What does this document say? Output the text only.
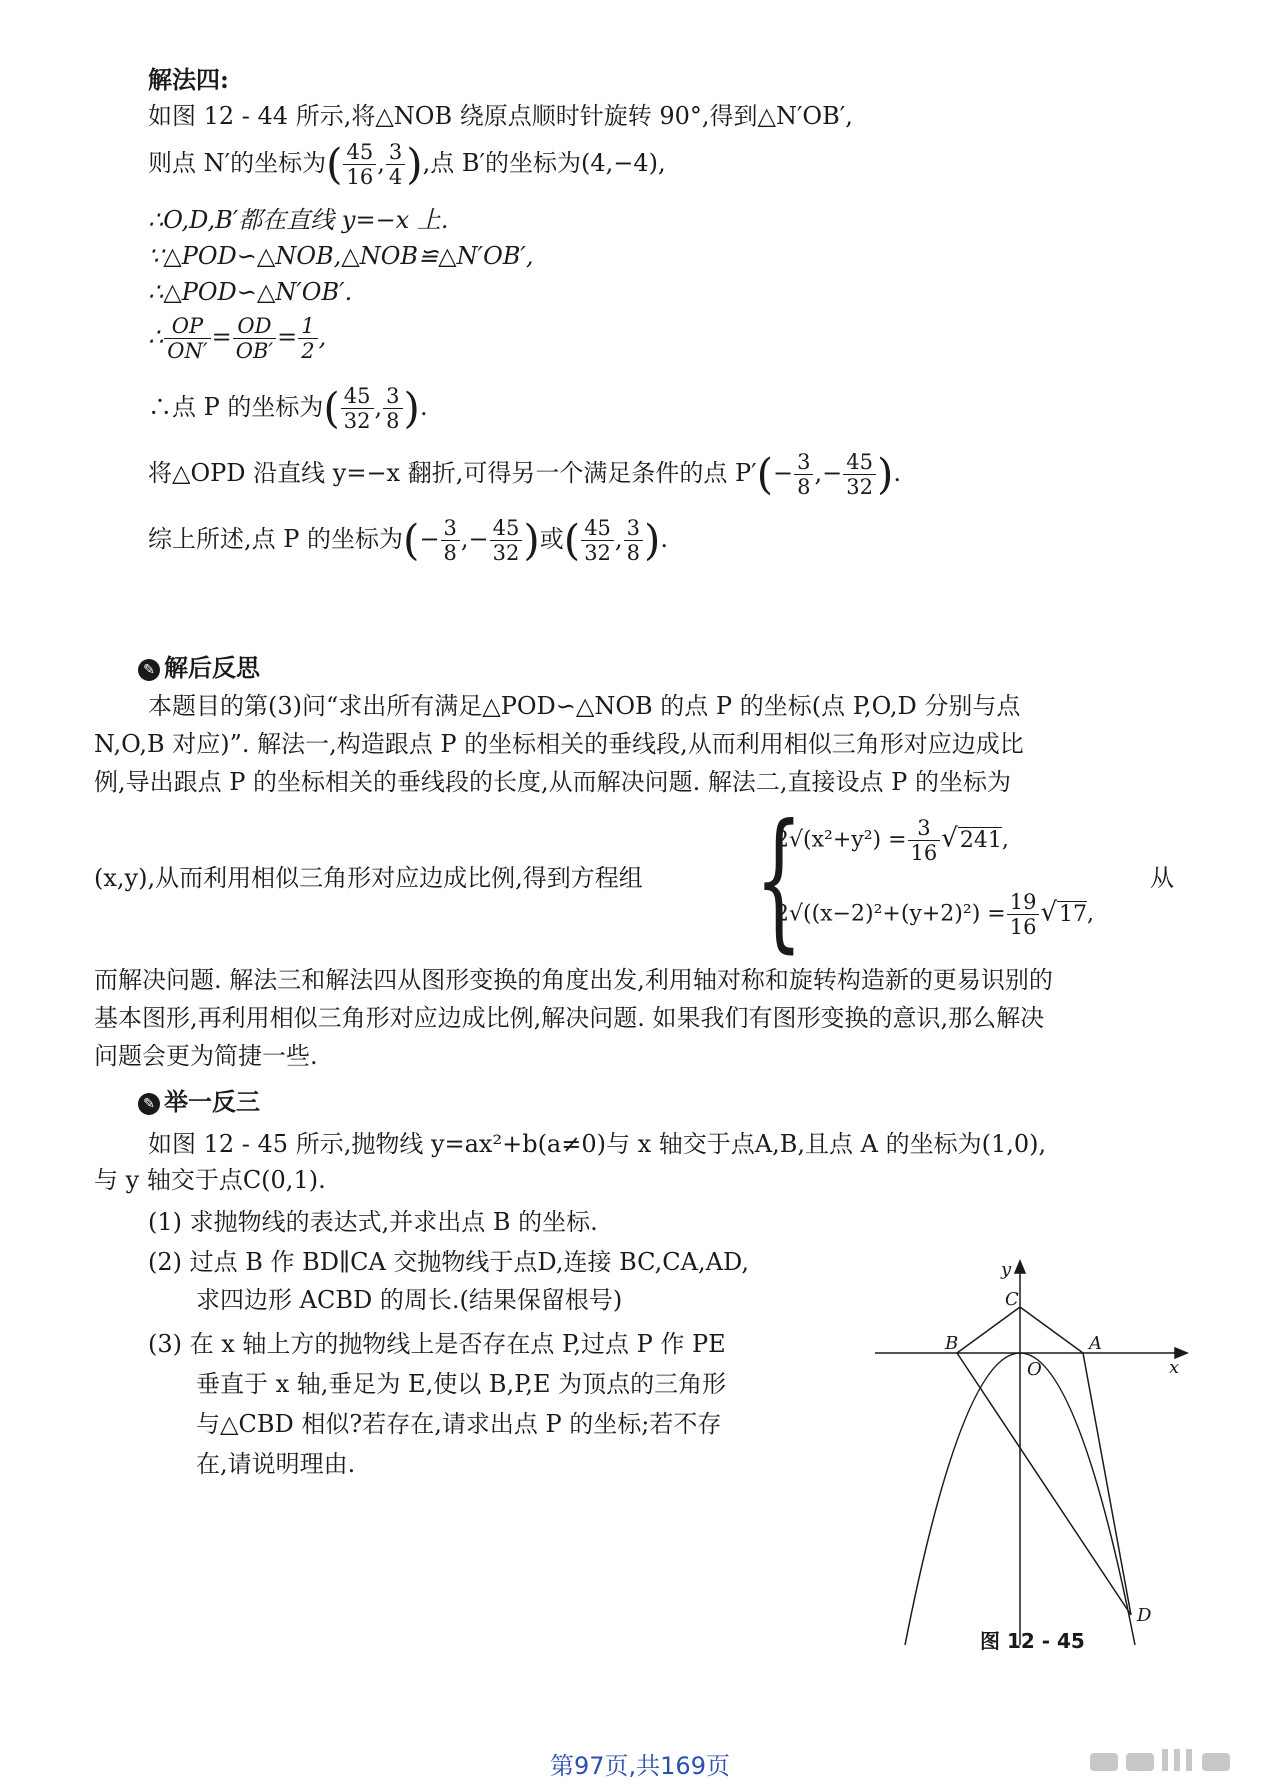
解法四:
如图 12 - 44 所示,将△NOB 绕原点顺时针旋转 90°,得到△N′OB′,
则点 N′的坐标为( $\frac{45}{16}$ , $\frac{3}{4}$ ),点 B′的坐标为(4,−4),
∴O,D,B′都在直线 y=−x 上.
∵△POD∽△NOB,△NOB≌△N′OB′,
∴△POD∽△N′OB′.
∴ $\frac{OP}{ON'} = \frac{OD}{OB'} = \frac{1}{2}$ ,
∴点 P 的坐标为( $\frac{45}{32}$ , $\frac{3}{8}$ ).
将△OPD 沿直线 y=−x 翻折,可得另一个满足条件的点 $P'(- \frac{3}{8}$ ,− $\frac{45}{32}$ ).
综上所述,点 P 的坐标为(− $\frac{3}{8}$ ,− $\frac{45}{32}$ )或( $\frac{45}{32}$ , $\frac{3}{8}$ ).
✎ 解后反思
本题目的第(3)问“求出所有满足△POD∽△NOB 的点 P 的坐标(点 P,O,D 分别与点
N,O,B 对应)”. 解法一,构造跟点 P 的坐标相关的垂线段,从而利用相似三角形对应边成比
例,导出跟点 P 的坐标相关的垂线段的长度,从而解决问题. 解法二,直接设点 P 的坐标为
(x,y),从而利用相似三角形对应边成比例,得到方程组	从
{
$2√(x^2+y^2) = \frac{3}{16} √241$,
$2√((x-2)^2+(y+2)^2) = \frac{19}{16} √17$,
而解决问题. 解法三和解法四从图形变换的角度出发,利用轴对称和旋转构造新的更易识别的
基本图形,再利用相似三角形对应边成比例,解决问题. 如果我们有图形变换的意识,那么解决
问题会更为简捷一些.
✎ 举一反三
如图 12 - 45 所示,抛物线 y=ax²+b(a≠0)与 x 轴交于点A,B,且点 A 的坐标为(1,0),
与 y 轴交于点C(0,1).
(1) 求抛物线的表达式,并求出点 B 的坐标.
(2) 过点 B 作 BD∥CA 交抛物线于点D,连接 BC,CA,AD,
求四边形 ACBD 的周长.(结果保留根号)
(3) 在 x 轴上方的抛物线上是否存在点 P,过点 P 作 PE
垂直于 x 轴,垂足为 E,使以 B,P,E 为顶点的三角形
与△CBD 相似?若存在,请求出点 P 的坐标;若不存
在,请说明理由.
y
C
x
B
O
A
D
图 12 - 45
第97页,共169页
